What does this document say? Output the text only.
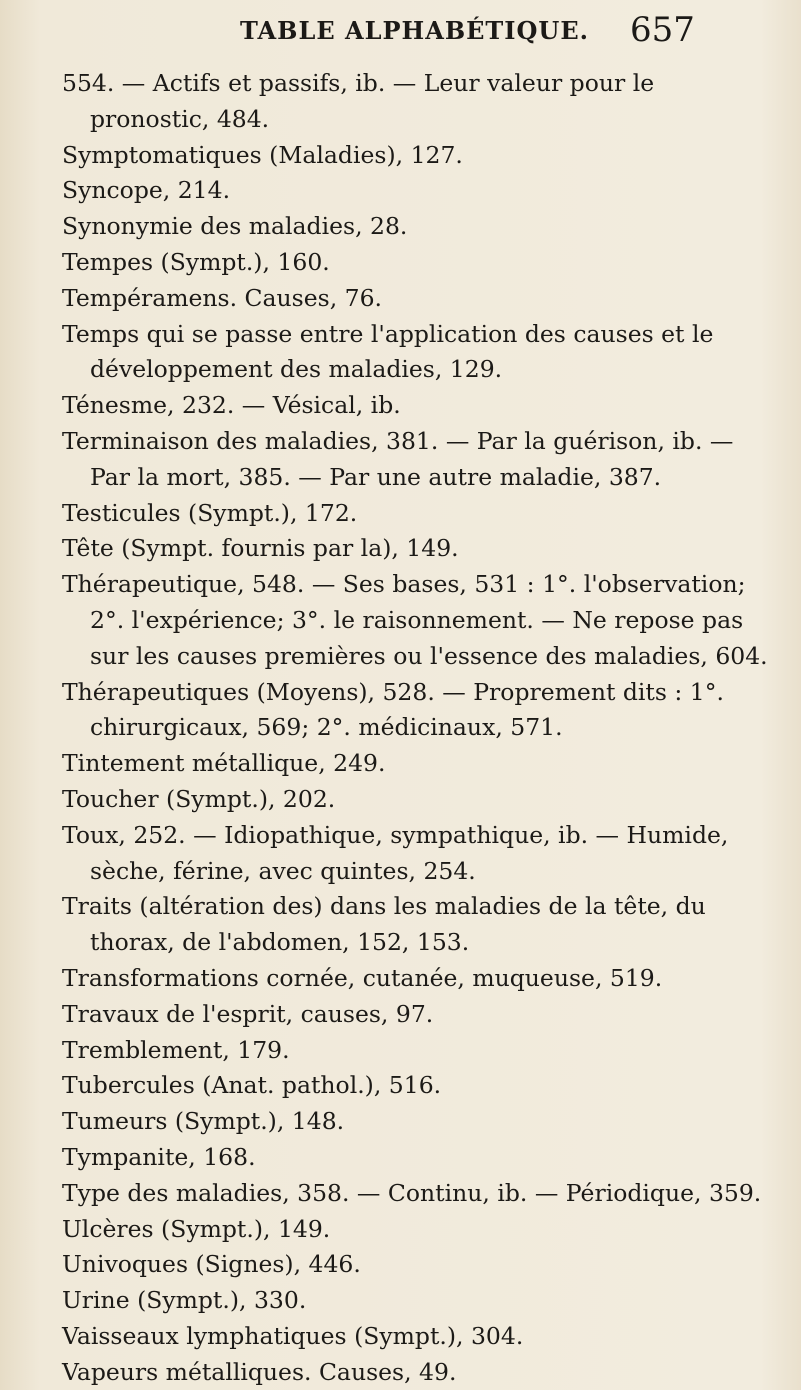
TABLE ALPHABÉTIQUE. 657
554. — Actifs et passifs, ib. — Leur valeur pour le pronostic, 484.
Symptomatiques (Maladies), 127.
Syncope, 214.
Synonymie des maladies, 28.
Tempes (Sympt.), 160.
Tempéramens. Causes, 76.
Temps qui se passe entre l'application des causes et le développement des maladies, 129.
Ténesme, 232. — Vésical, ib.
Terminaison des maladies, 381. — Par la guérison, ib. — Par la mort, 385. — Par une autre maladie, 387.
Testicules (Sympt.), 172.
Tête (Sympt. fournis par la), 149.
Thérapeutique, 548. — Ses bases, 531 : 1°. l'observation; 2°. l'expérience; 3°. le raisonnement. — Ne repose pas sur les causes premières ou l'essence des maladies, 604.
Thérapeutiques (Moyens), 528. — Proprement dits : 1°. chirurgicaux, 569; 2°. médicinaux, 571.
Tintement métallique, 249.
Toucher (Sympt.), 202.
Toux, 252. — Idiopathique, sympathique, ib. — Humide, sèche, férine, avec quintes, 254.
Traits (altération des) dans les maladies de la tête, du thorax, de l'abdomen, 152, 153.
Transformations cornée, cutanée, muqueuse, 519.
Travaux de l'esprit, causes, 97.
Tremblement, 179.
Tubercules (Anat. pathol.), 516.
Tumeurs (Sympt.), 148.
Tympanite, 168.
Type des maladies, 358. — Continu, ib. — Périodique, 359.
Ulcères (Sympt.), 149.
Univoques (Signes), 446.
Urine (Sympt.), 330.
Vaisseaux lymphatiques (Sympt.), 304.
Vapeurs métalliques. Causes, 49.
